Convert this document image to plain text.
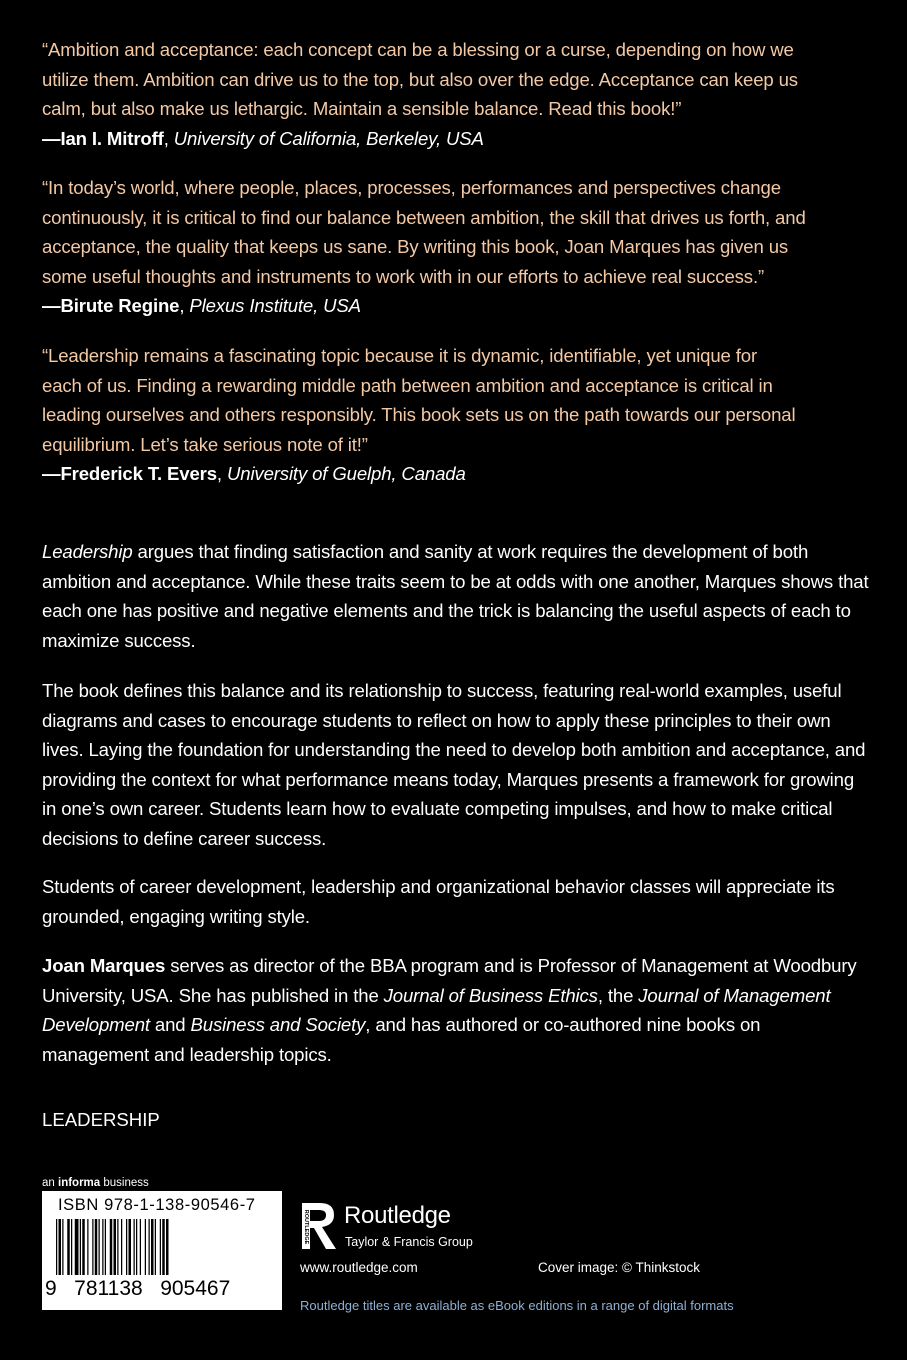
“Ambition and acceptance: each concept can be a blessing or a curse, depending on how we

utilize them. Ambition can drive us to the top, but also over the edge. Acceptance can keep us

calm, but also make us lethargic. Maintain a sensible balance. Read this book!”

—Ian I. Mitroff, University of California, Berkeley, USA

“In today’s world, where people, places, processes, performances and perspectives change

continuously, it is critical to find our balance between ambition, the skill that drives us forth, and

acceptance, the quality that keeps us sane. By writing this book, Joan Marques has given us

some useful thoughts and instruments to work with in our efforts to achieve real success.”

—Birute Regine, Plexus Institute, USA

“Leadership remains a fascinating topic because it is dynamic, identifiable, yet unique for

each of us. Finding a rewarding middle path between ambition and acceptance is critical in

leading ourselves and others responsibly. This book sets us on the path towards our personal

equilibrium. Let’s take serious note of it!”

—Frederick T. Evers, University of Guelph, Canada

Leadership argues that finding satisfaction and sanity at work requires the development of both ambition and acceptance. While these traits seem to be at odds with one another, Marques shows that each one has positive and negative elements and the trick is balancing the useful aspects of each to maximize success.

The book defines this balance and its relationship to success, featuring real-world examples, useful diagrams and cases to encourage students to reflect on how to apply these principles to their own lives. Laying the foundation for understanding the need to develop both ambition and acceptance, and providing the context for what performance means today, Marques presents a framework for growing in one’s own career. Students learn how to evaluate competing impulses, and how to make critical decisions to define career success.

Students of career development, leadership and organizational behavior classes will appreciate its grounded, engaging writing style.

Joan Marques serves as director of the BBA program and is Professor of Management at Woodbury University, USA. She has published in the Journal of Business Ethics, the Journal of Management Development and Business and Society, and has authored or co-authored nine books on management and leadership topics.

LEADERSHIP
an informa business
ISBN 978-1-138-90546-7
9   781138   905467
ROUTLEDGE Routledge
Taylor & Francis Group
www.routledge.com	Cover image: © Thinkstock
Routledge titles are available as eBook editions in a range of digital formats
